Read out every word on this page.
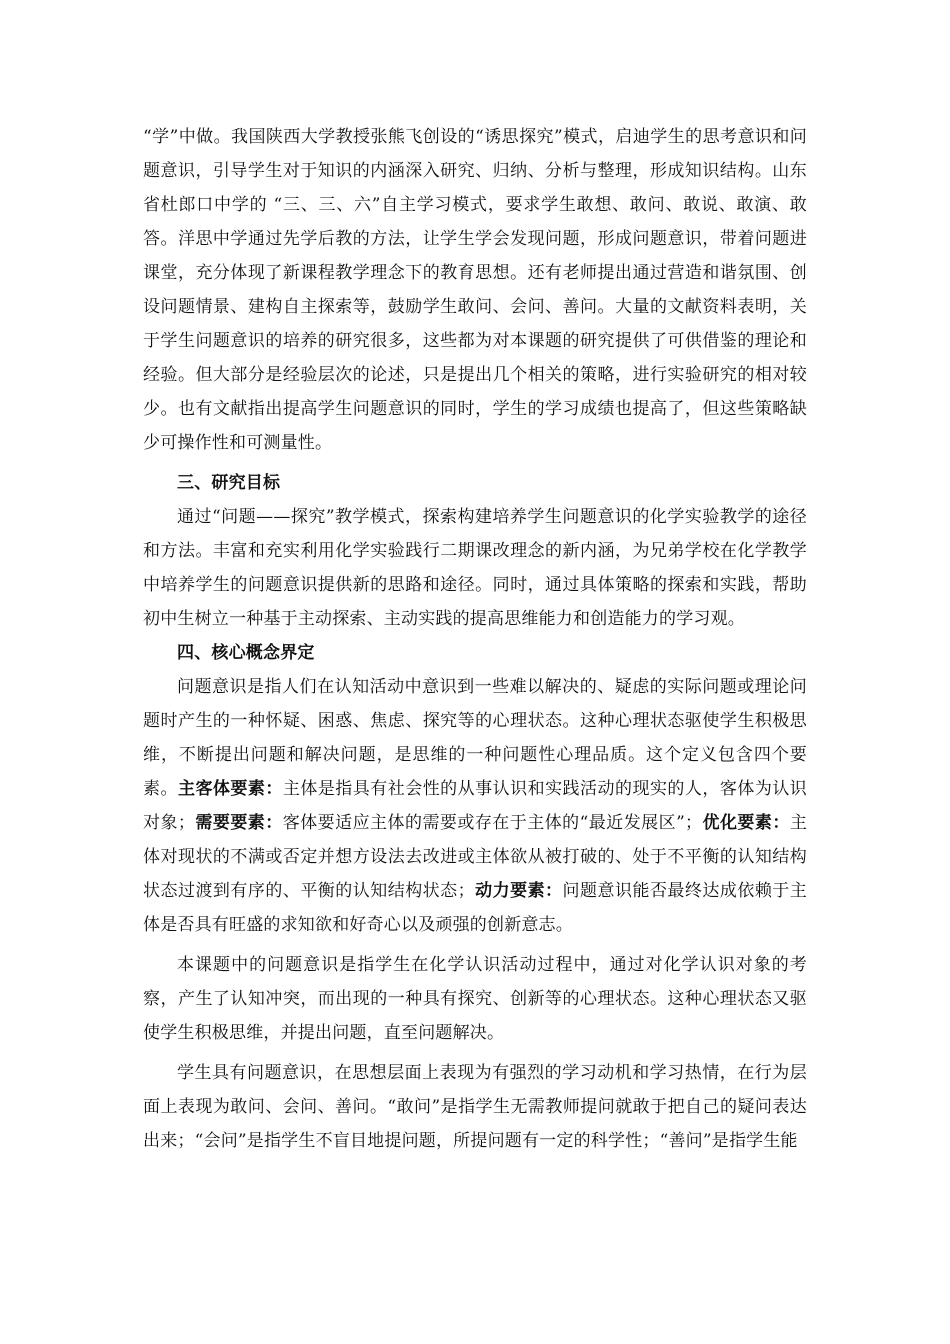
“学”中做。我国陕西大学教授张熊飞创设的“诱思探究”模式，启迪学生的思考意识和问题意识，引导学生对于知识的内涵深入研究、归纳、分析与整理，形成知识结构。山东省杜郎口中学的 “三、三、六”自主学习模式，要求学生敢想、敢问、敢说、敢演、敢答。洋思中学通过先学后教的方法，让学生学会发现问题，形成问题意识，带着问题进课堂，充分体现了新课程教学理念下的教育思想。还有老师提出通过营造和谐氛围、创设问题情景、建构自主探索等，鼓励学生敢问、会问、善问。大量的文献资料表明，关于学生问题意识的培养的研究很多，这些都为对本课题的研究提供了可供借鉴的理论和经验。但大部分是经验层次的论述，只是提出几个相关的策略，进行实验研究的相对较少。也有文献指出提高学生问题意识的同时，学生的学习成绩也提高了，但这些策略缺少可操作性和可测量性。

三、研究目标

通过“问题——探究”教学模式，探索构建培养学生问题意识的化学实验教学的途径和方法。丰富和充实利用化学实验践行二期课改理念的新内涵，为兄弟学校在化学教学中培养学生的问题意识提供新的思路和途径。同时，通过具体策略的探索和实践，帮助初中生树立一种基于主动探索、主动实践的提高思维能力和创造能力的学习观。

四、核心概念界定

问题意识是指人们在认知活动中意识到一些难以解决的、疑虑的实际问题或理论问题时产生的一种怀疑、困惑、焦虑、探究等的心理状态。这种心理状态驱使学生积极思维，不断提出问题和解决问题，是思维的一种问题性心理品质。这个定义包含四个要素。主客体要素：主体是指具有社会性的从事认识和实践活动的现实的人，客体为认识对象；需要要素：客体要适应主体的需要或存在于主体的“最近发展区”；优化要素：主体对现状的不满或否定并想方设法去改进或主体欲从被打破的、处于不平衡的认知结构状态过渡到有序的、平衡的认知结构状态；动力要素：问题意识能否最终达成依赖于主体是否具有旺盛的求知欲和好奇心以及顽强的创新意志。

本课题中的问题意识是指学生在化学认识活动过程中，通过对化学认识对象的考察，产生了认知冲突，而出现的一种具有探究、创新等的心理状态。这种心理状态又驱使学生积极思维，并提出问题，直至问题解决。

学生具有问题意识，在思想层面上表现为有强烈的学习动机和学习热情，在行为层面上表现为敢问、会问、善问。“敢问”是指学生无需教师提问就敢于把自己的疑问表达出来；“会问”是指学生不盲目地提问题，所提问题有一定的科学性；“善问”是指学生能
